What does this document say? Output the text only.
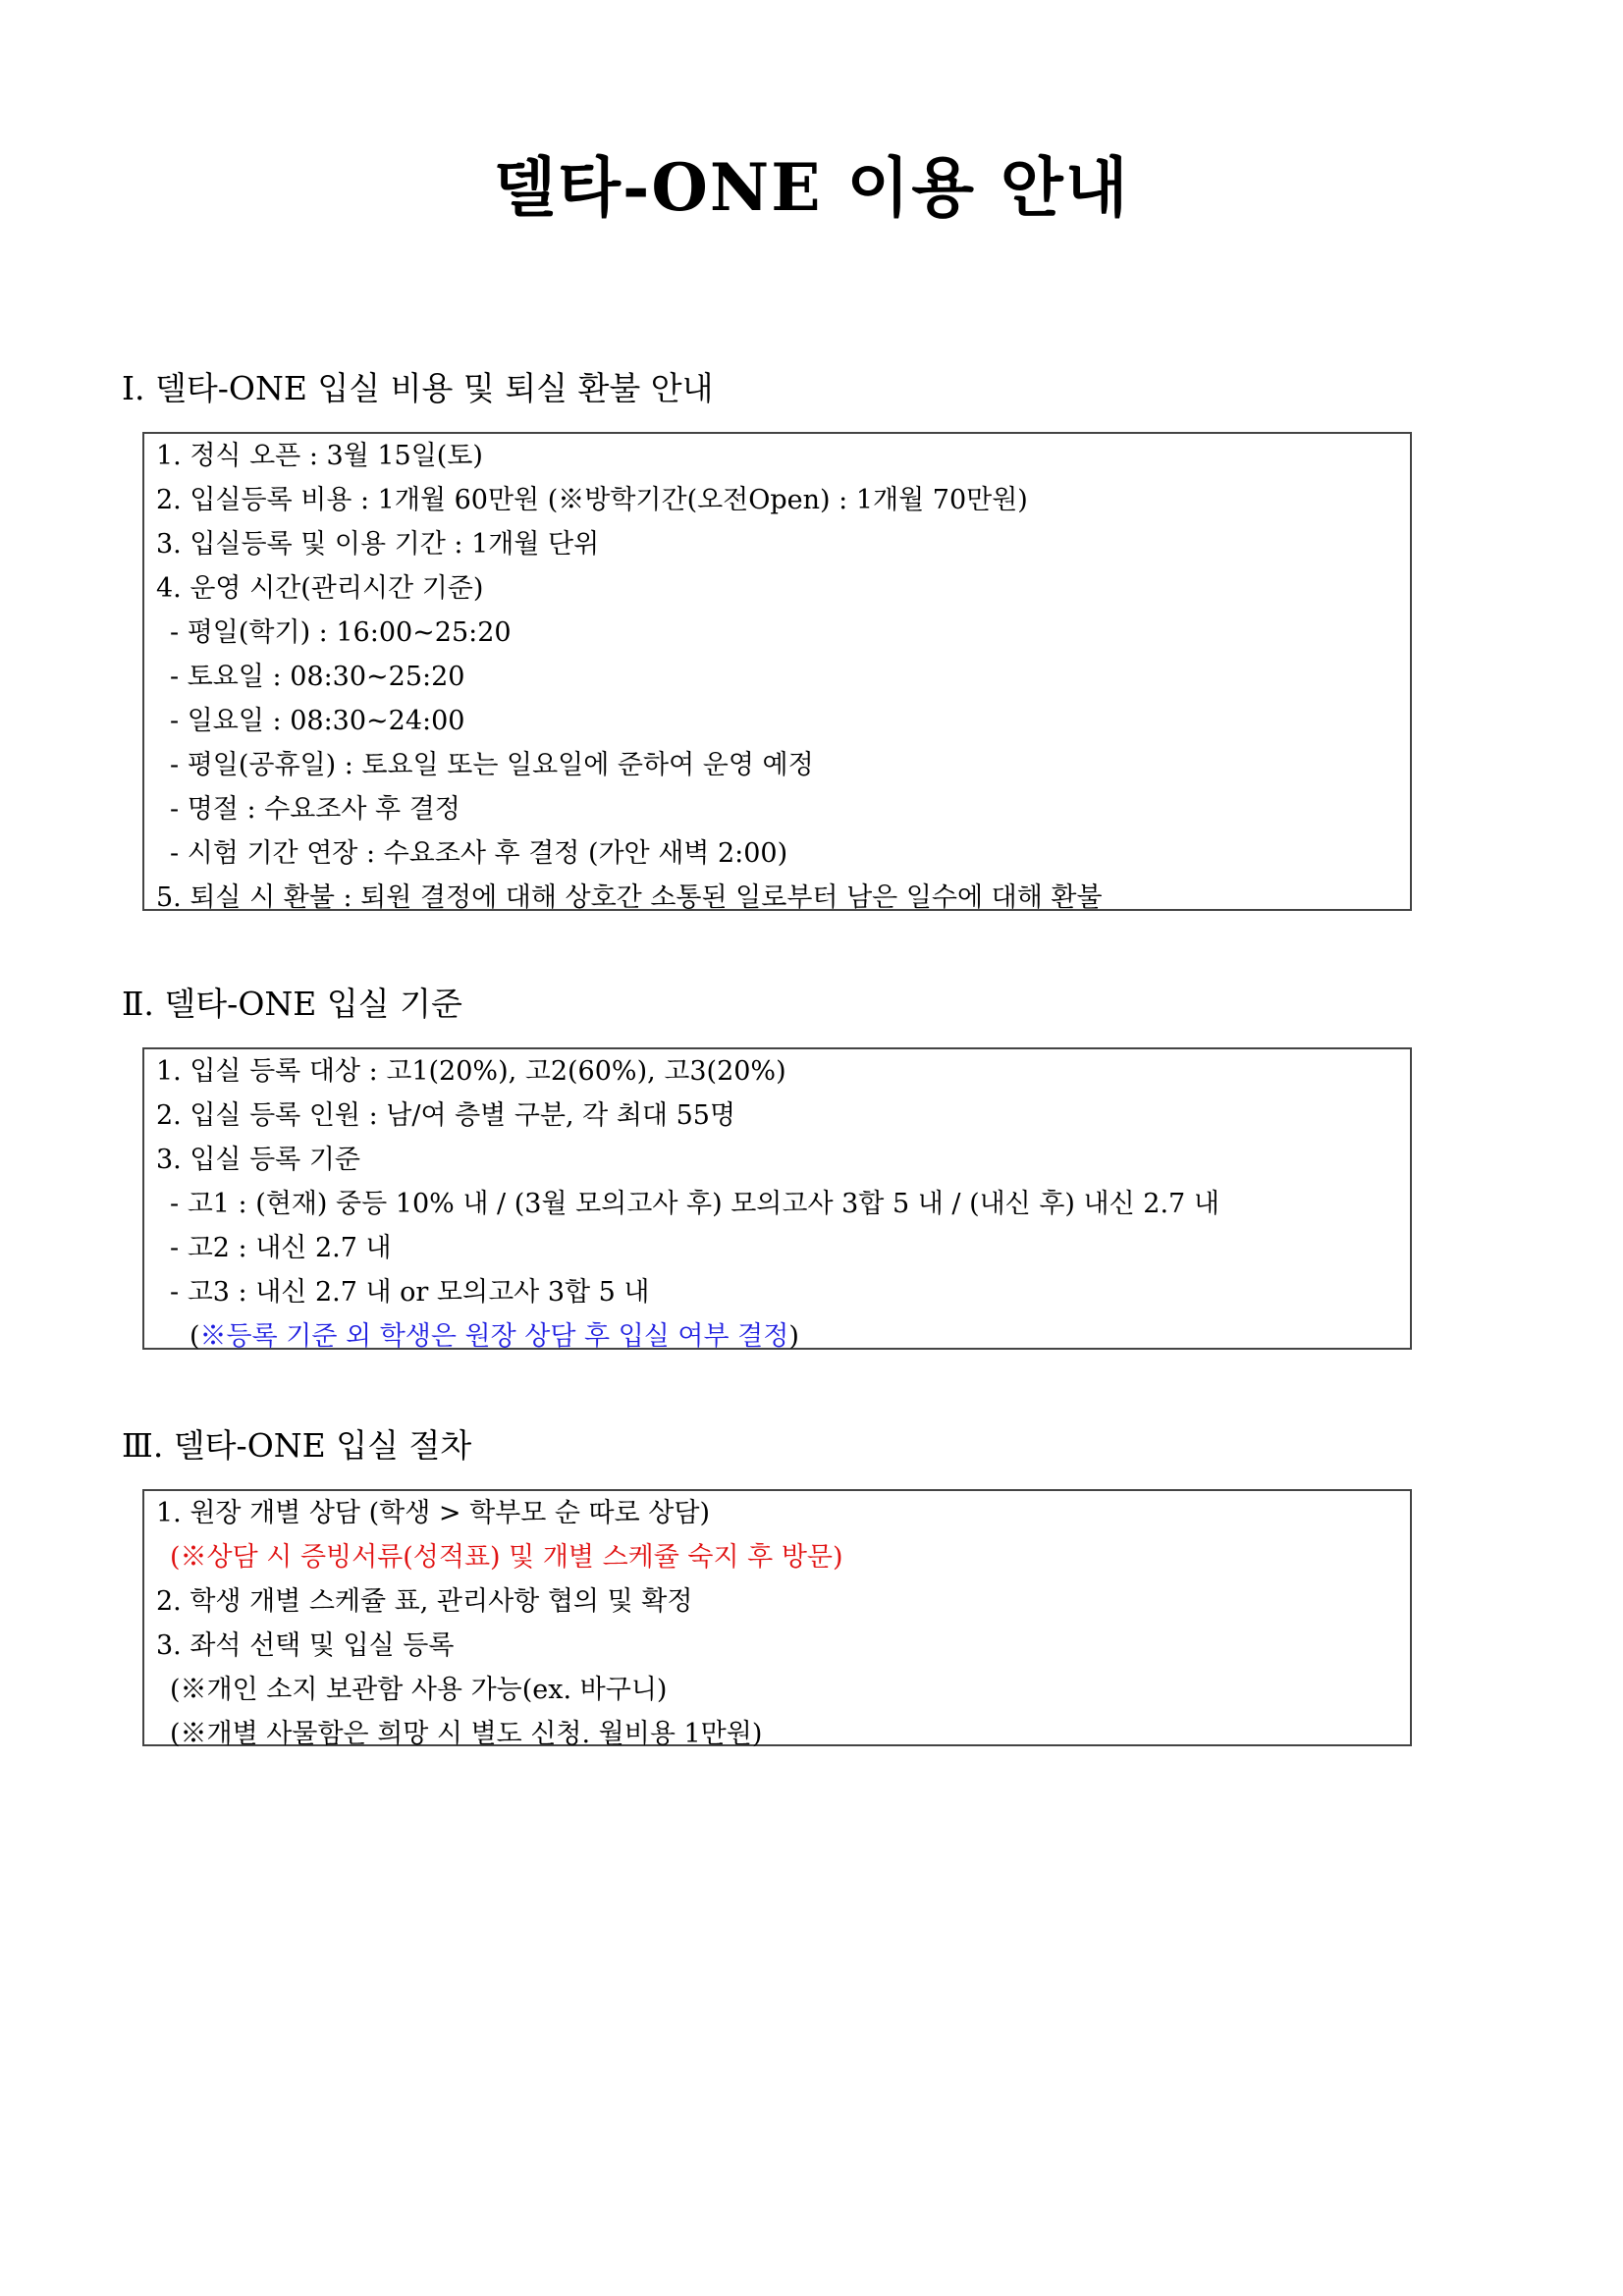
델타-ONE 이용 안내
Ⅰ. 델타-ONE 입실 비용 및 퇴실 환불 안내
1. 정식 오픈 : 3월 15일(토)
2. 입실등록 비용 : 1개월 60만원 (※방학기간(오전Open) : 1개월 70만원)
3. 입실등록 및 이용 기간 : 1개월 단위
4. 운영 시간(관리시간 기준)
- 평일(학기) : 16:00~25:20
- 토요일 : 08:30~25:20
- 일요일 : 08:30~24:00
- 평일(공휴일) : 토요일 또는 일요일에 준하여 운영 예정
- 명절 : 수요조사 후 결정
- 시험 기간 연장 : 수요조사 후 결정 (가안 새벽 2:00)
5. 퇴실 시 환불 : 퇴원 결정에 대해 상호간 소통된 일로부터 남은 일수에 대해 환불
Ⅱ. 델타-ONE 입실 기준
1. 입실 등록 대상 : 고1(20%), 고2(60%), 고3(20%)
2. 입실 등록 인원 : 남/여 층별 구분, 각 최대 55명
3. 입실 등록 기준
- 고1 : (현재) 중등 10% 내 / (3월 모의고사 후) 모의고사 3합 5 내 / (내신 후) 내신 2.7 내
- 고2 : 내신 2.7 내
- 고3 : 내신 2.7 내 or 모의고사 3합 5 내
(※등록 기준 외 학생은 원장 상담 후 입실 여부 결정)
Ⅲ. 델타-ONE 입실 절차
1. 원장 개별 상담 (학생 > 학부모 순 따로 상담)
(※상담 시 증빙서류(성적표) 및 개별 스케쥴 숙지 후 방문)
2. 학생 개별 스케쥴 표, 관리사항 협의 및 확정
3. 좌석 선택 및 입실 등록
(※개인 소지 보관함 사용 가능(ex. 바구니)
(※개별 사물함은 희망 시 별도 신청. 월비용 1만원)
